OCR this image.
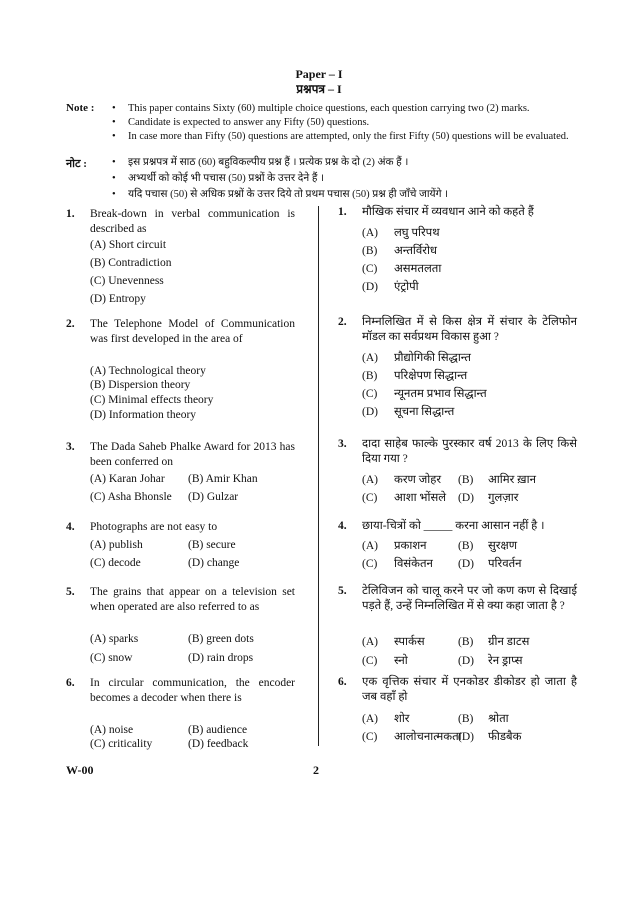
Paper – I
प्रश्नपत्र – I
Note : • This paper contains Sixty (60) multiple choice questions, each question carrying two (2) marks.
• Candidate is expected to answer any Fifty (50) questions.
• In case more than Fifty (50) questions are attempted, only the first Fifty (50) questions will be evaluated.
नोट : • इस प्रश्नपत्र में साठ (60) बहुविकल्पीय प्रश्न हैं । प्रत्येक प्रश्न के दो (2) अंक हैं ।
• अभ्यर्थी को कोई भी पचास (50) प्रश्नों के उत्तर देने हैं ।
• यदि पचास (50) से अधिक प्रश्नों के उत्तर दिये तो प्रथम पचास (50) प्रश्न ही जाँचे जायेंगे ।
1. Break-down in verbal communication is described as
(A) Short circuit
(B) Contradiction
(C) Unevenness
(D) Entropy
2. The Telephone Model of Communication was first developed in the area of
(A) Technological theory
(B) Dispersion theory
(C) Minimal effects theory
(D) Information theory
3. The Dada Saheb Phalke Award for 2013 has been conferred on
(A) Karan Johar (B) Amir Khan
(C) Asha Bhonsle (D) Gulzar
4. Photographs are not easy to
(A) publish	(B) secure
(C) decode	(D) change
5. The grains that appear on a television set when operated are also referred to as
(A) sparks	(B) green dots
(C) snow	(D) rain drops
6. In circular communication, the encoder becomes a decoder when there is
(A) noise	(B) audience
(C) criticality	(D) feedback
1. मौखिक संचार में व्यवधान आने को कहते हैं
(A) लघु परिपथ
(B) अन्तर्विरोध
(C) असमतलता
(D) एंट्रोपी
2. निम्नलिखित में से किस क्षेत्र में संचार के टेलिफोन मॉडल का सर्वप्रथम विकास हुआ ?
(A) प्रौद्योगिकी सिद्धान्त
(B) परिक्षेपण सिद्धान्त
(C) न्यूनतम प्रभाव सिद्धान्त
(D) सूचना सिद्धान्त
3. दादा साहेब फाल्के पुरस्कार वर्ष 2013 के लिए किसे दिया गया ?
(A) करण जोहर (B) आमिर ख़ान
(C) आशा भोंसले (D) गुलज़ार
4. छाया-चित्रों को _____ करना आसान नहीं है ।
(A) प्रकाशन	(B) सुरक्षण
(C) विसंकेतन (D) परिवर्तन
5. टेलिविजन को चालू करने पर जो कण कण से दिखाई पड़ते हैं, उन्हें निम्नलिखित में से क्या कहा जाता है ?
(A) स्पार्कस	(B) ग्रीन डाटस
(C) स्नो	(D) रेन ड्राप्स
6. एक वृत्तिक संचार में एनकोडर डीकोडर हो जाता है जब वहाँ हो
(A) शोर	(B) श्रोता
(C) आलोचनात्मकता
(D) फीडबैक
W-00	2
